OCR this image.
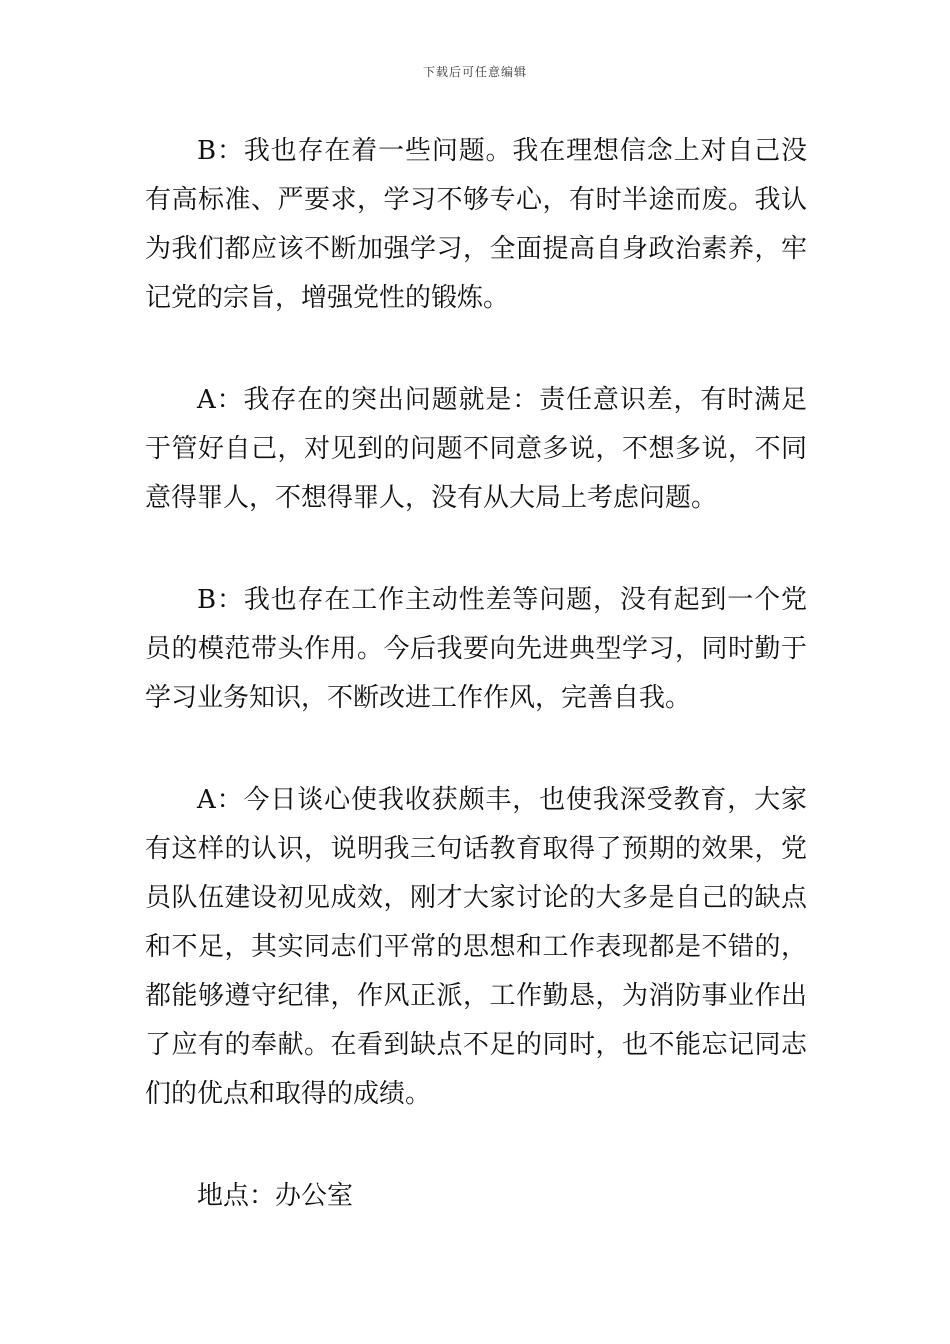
下载后可任意编辑

B：我也存在着一些问题。我在理想信念上对自己没有高标准、严要求，学习不够专心，有时半途而废。我认为我们都应该不断加强学习，全面提高自身政治素养，牢记党的宗旨，增强党性的锻炼。

A：我存在的突出问题就是：责任意识差，有时满足于管好自己，对见到的问题不同意多说，不想多说，不同意得罪人，不想得罪人，没有从大局上考虑问题。

B：我也存在工作主动性差等问题，没有起到一个党员的模范带头作用。今后我要向先进典型学习，同时勤于学习业务知识，不断改进工作作风，完善自我。

A：今日谈心使我收获颇丰，也使我深受教育，大家有这样的认识，说明我三句话教育取得了预期的效果，党员队伍建设初见成效，刚才大家讨论的大多是自己的缺点和不足，其实同志们平常的思想和工作表现都是不错的，都能够遵守纪律，作风正派，工作勤恳，为消防事业作出了应有的奉献。在看到缺点不足的同时，也不能忘记同志们的优点和取得的成绩。

地点：办公室
